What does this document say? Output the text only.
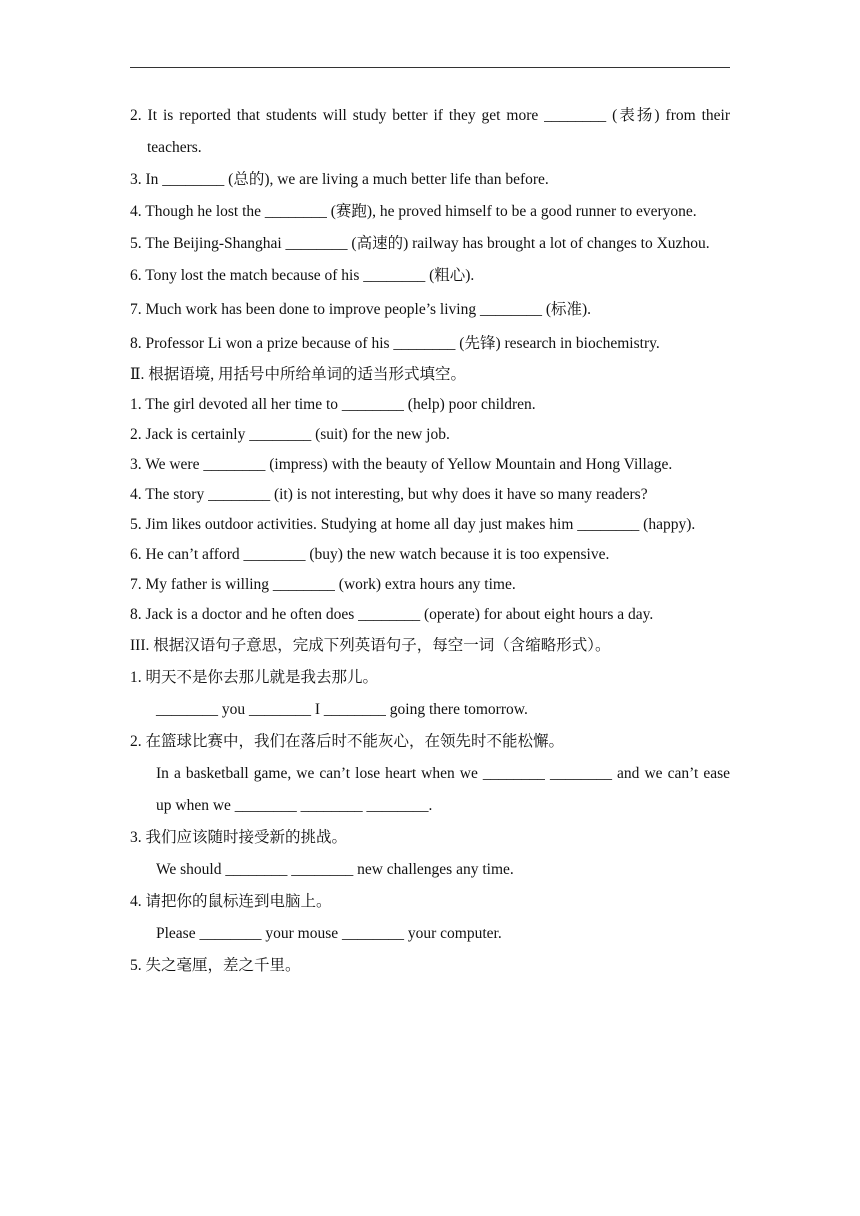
2. It is reported that students will study better if they get more ________ (表扬) from their teachers.

3. In ________ (总的), we are living a much better life than before.

4. Though he lost the ________ (赛跑), he proved himself to be a good runner to everyone.

5. The Beijing-Shanghai ________ (高速的) railway has brought a lot of changes to Xuzhou.

6. Tony lost the match because of his ________ (粗心).

7. Much work has been done to improve people’s living ________ (标准).

8. Professor Li won a prize because of his ________ (先锋) research in biochemistry.

Ⅱ. 根据语境, 用括号中所给单词的适当形式填空。

1. The girl devoted all her time to ________ (help) poor children.

2. Jack is certainly ________ (suit) for the new job.

3. We were ________ (impress) with the beauty of Yellow Mountain and Hong Village.

4. The story ________ (it) is not interesting, but why does it have so many readers?

5. Jim likes outdoor activities. Studying at home all day just makes him ________ (happy).

6. He can’t afford ________ (buy) the new watch because it is too expensive.

7. My father is willing ________ (work) extra hours any time.

8. Jack is a doctor and he often does ________ (operate) for about eight hours a day.

III. 根据汉语句子意思，完成下列英语句子，每空一词（含缩略形式）。

1. 明天不是你去那儿就是我去那儿。

________ you ________ I ________ going there tomorrow.

2. 在篮球比赛中，我们在落后时不能灰心，在领先时不能松懈。

In a basketball game, we can’t lose heart when we ________ ________ and we can’t ease up when we ________ ________ ________.

3. 我们应该随时接受新的挑战。

We should ________ ________ new challenges any time.

4. 请把你的鼠标连到电脑上。

Please ________ your mouse ________ your computer.

5. 失之毫厘，差之千里。
